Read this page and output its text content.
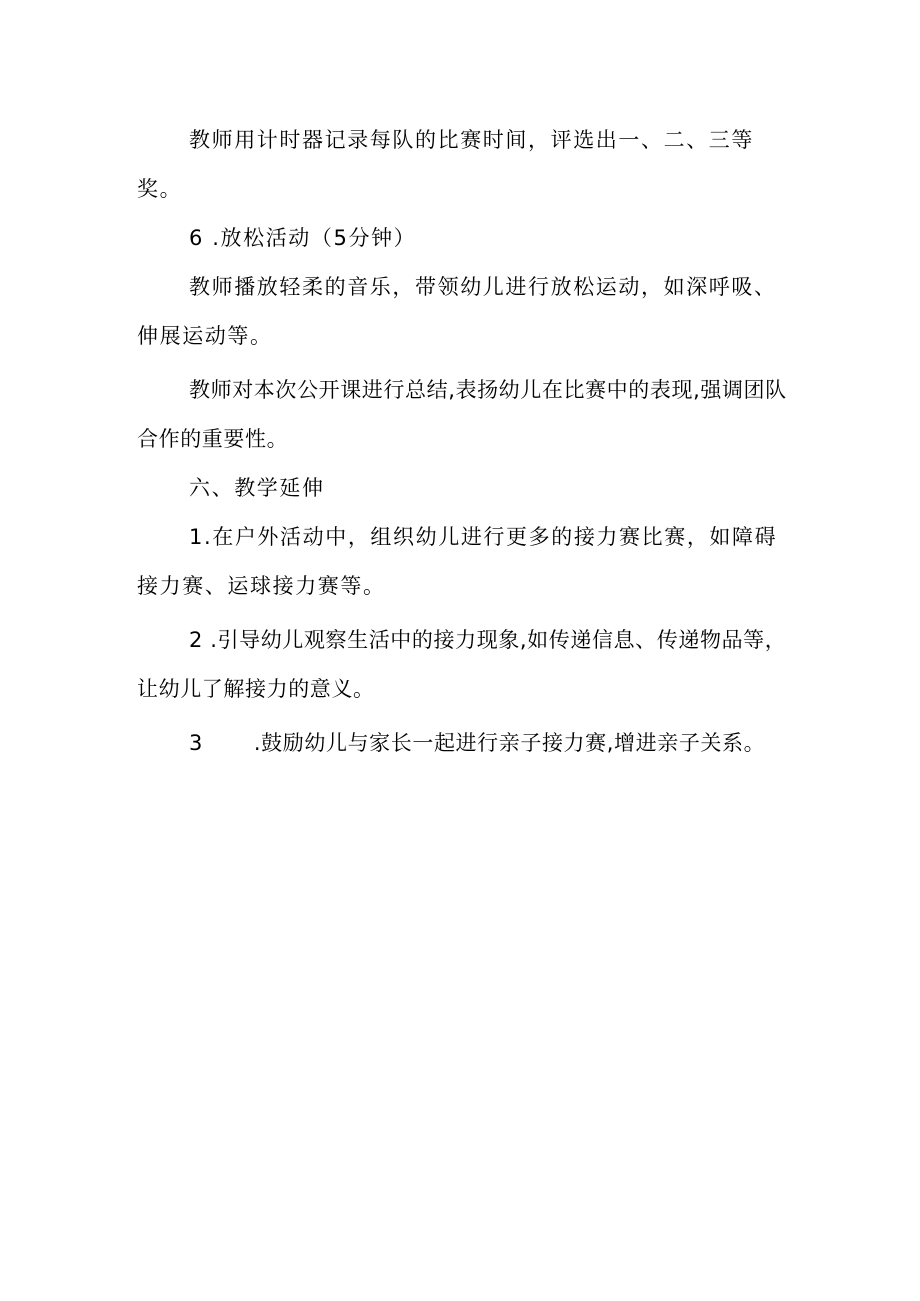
教师用计时器记录每队的比赛时间，评选出一、二、三等奖。

6 .放松活动（5分钟）

教师播放轻柔的音乐，带领幼儿进行放松运动，如深呼吸、伸展运动等。

教师对本次公开课进行总结,表扬幼儿在比赛中的表现,强调团队合作的重要性。

六、教学延伸

1.在户外活动中，组织幼儿进行更多的接力赛比赛，如障碍接力赛、运球接力赛等。

2 .引导幼儿观察生活中的接力现象,如传递信息、传递物品等，让幼儿了解接力的意义。

3       .鼓励幼儿与家长一起进行亲子接力赛,增进亲子关系。
